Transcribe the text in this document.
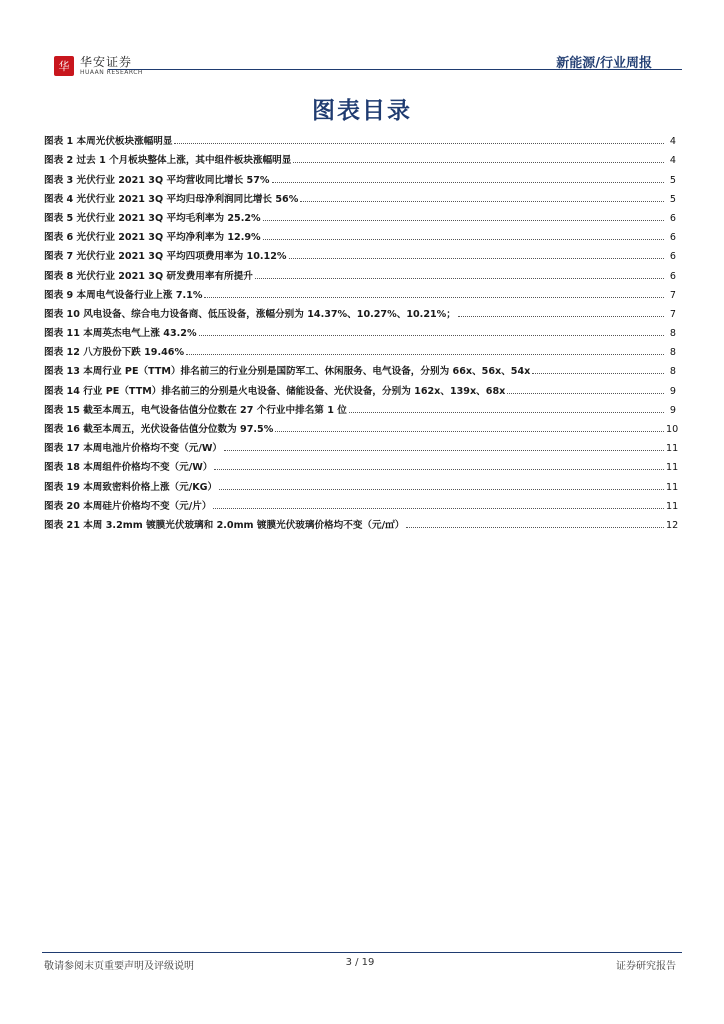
华 华安证券
HUAAN RESEARCH
新能源/行业周报
图表目录
图表 1 本周光伏板块涨幅明显	4
图表 2 过去 1 个月板块整体上涨，其中组件板块涨幅明显	4
图表 3 光伏行业 2021 3Q 平均营收同比增长 57%	5
图表 4 光伏行业 2021 3Q 平均归母净利润同比增长 56%	5
图表 5 光伏行业 2021 3Q 平均毛利率为 25.2%	6
图表 6 光伏行业 2021 3Q 平均净利率为 12.9%	6
图表 7 光伏行业 2021 3Q 平均四项费用率为 10.12%	6
图表 8 光伏行业 2021 3Q 研发费用率有所提升	6
图表 9 本周电气设备行业上涨 7.1%	7
图表 10 风电设备、综合电力设备商、低压设备，涨幅分别为 14.37%、10.27%、10.21%；	7
图表 11 本周英杰电气上涨 43.2%	8
图表 12 八方股份下跌 19.46%	8
图表 13 本周行业 PE（TTM）排名前三的行业分别是国防军工、休闲服务、电气设备，分别为 66x、56x、54x	8
图表 14 行业 PE（TTM）排名前三的分别是火电设备、储能设备、光伏设备，分别为 162x、139x、68x	9
图表 15 截至本周五，电气设备估值分位数在 27 个行业中排名第 1 位	9
图表 16 截至本周五，光伏设备估值分位数为 97.5%	10
图表 17 本周电池片价格均不变（元/W）	11
图表 18 本周组件价格均不变（元/W）	11
图表 19 本周致密料价格上涨（元/KG）	11
图表 20 本周硅片价格均不变（元/片）	11
图表 21 本周 3.2mm 镀膜光伏玻璃和 2.0mm 镀膜光伏玻璃价格均不变（元/㎡）	12
敬请参阅末页重要声明及评级说明	3 / 19	证券研究报告
